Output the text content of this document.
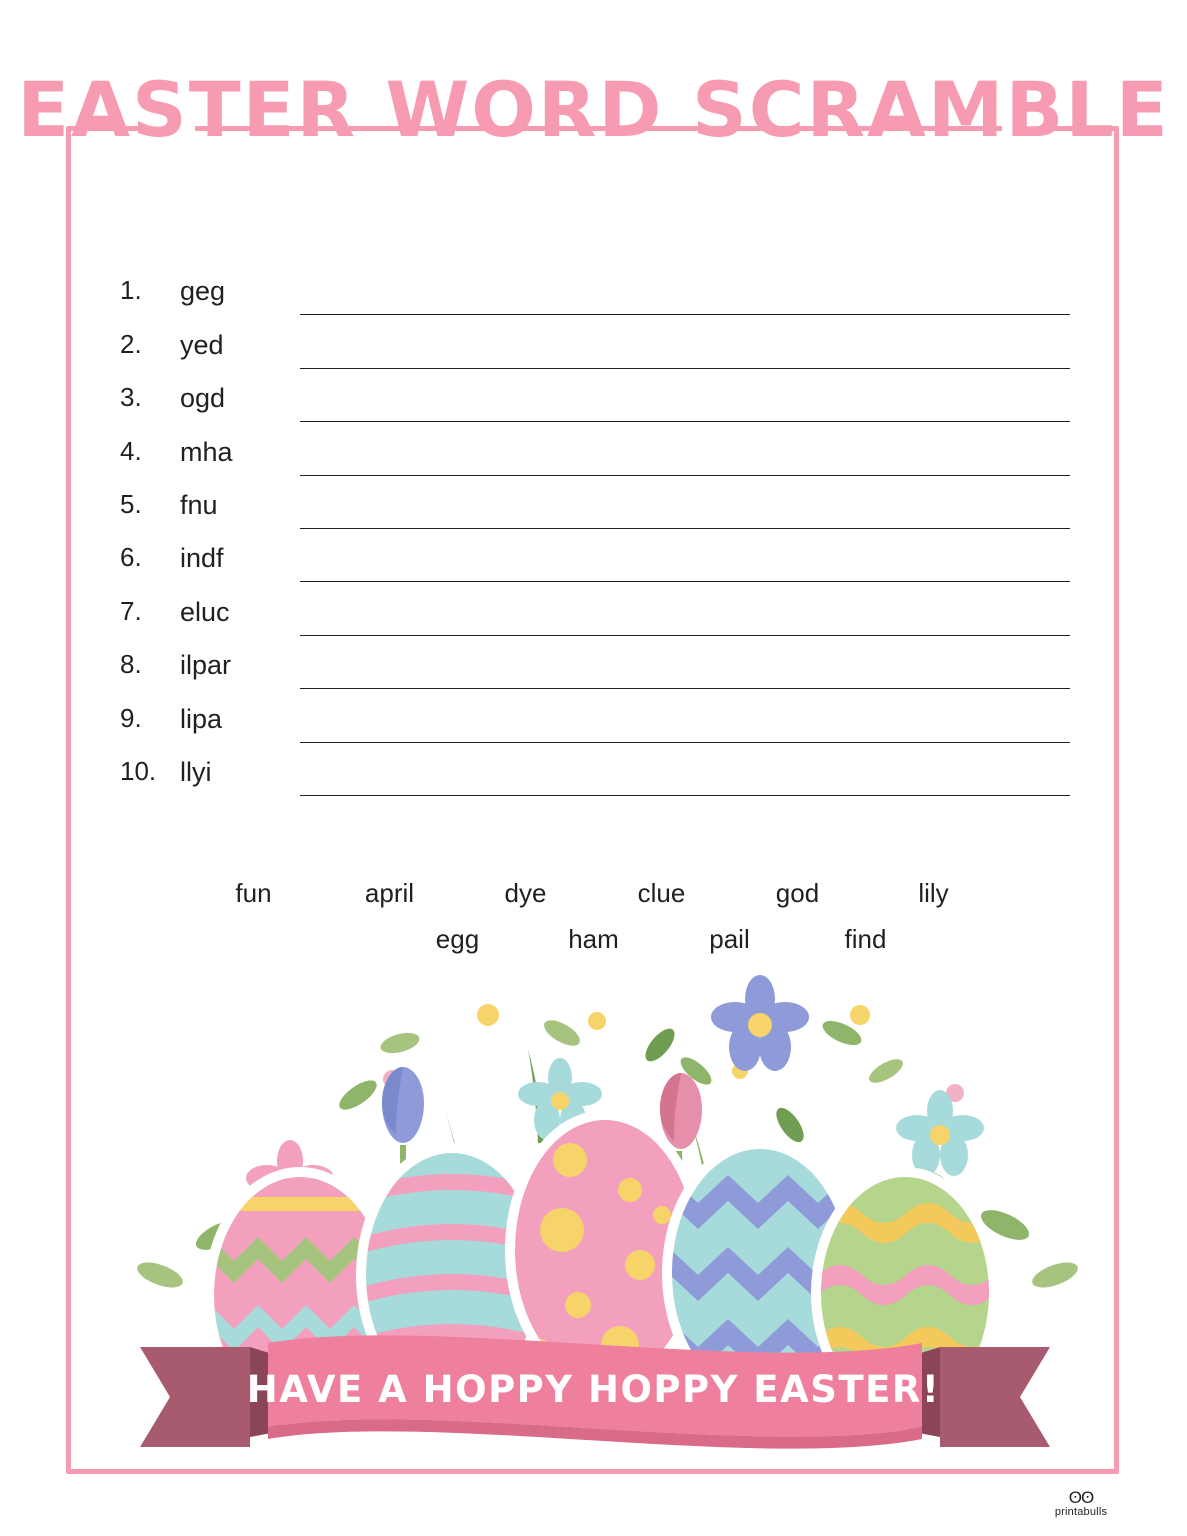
EASTER WORD SCRAMBLE
1.	geg
2.	yed
3.	ogd
4.	mha
5.	fnu
6.	indf
7.	eluc
8.	ilpar
9.	lipa
10. llyi
fun	april	dye	clue	god	lily
egg	ham	pail	find
HAVE A HOPPY HOPPY EASTER!
ʘʘ
printabulls
